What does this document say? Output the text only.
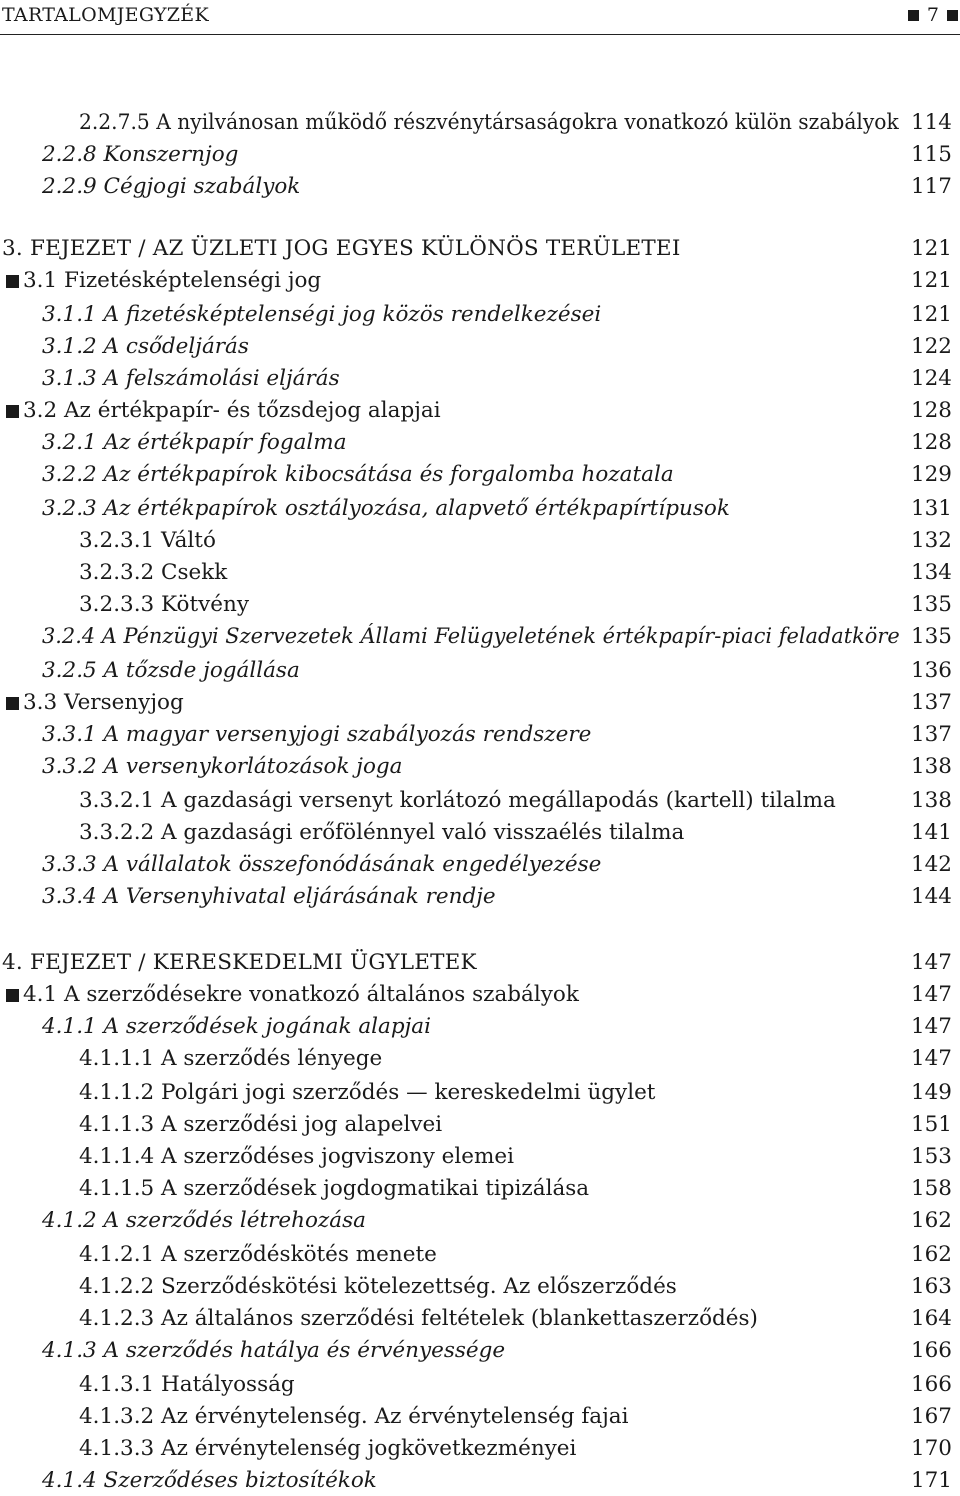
TARTALOMJEGYZÉK	7
2.2.7.5 A nyilvánosan működő részvénytársaságokra vonatkozó külön szabályok 114
2.2.8 Konszernjog	115
2.2.9 Cégjogi szabályok	117
3. FEJEZET / AZ ÜZLETI JOG EGYES KÜLÖNÖS TERÜLETEI	121
3.1 Fizetésképtelenségi jog	121
3.1.1 A fizetésképtelenségi jog közös rendelkezései	121
3.1.2 A csődeljárás	122
3.1.3 A felszámolási eljárás	124
3.2 Az értékpapír- és tőzsdejog alapjai	128
3.2.1 Az értékpapír fogalma	128
3.2.2 Az értékpapírok kibocsátása és forgalomba hozatala	129
3.2.3 Az értékpapírok osztályozása, alapvető értékpapírtípusok	131
3.2.3.1 Váltó	132
3.2.3.2 Csekk	134
3.2.3.3 Kötvény	135
3.2.4 A Pénzügyi Szervezetek Állami Felügyeletének értékpapír-piaci feladatköre 135
3.2.5 A tőzsde jogállása	136
3.3 Versenyjog	137
3.3.1 A magyar versenyjogi szabályozás rendszere	137
3.3.2 A versenykorlátozások joga	138
3.3.2.1 A gazdasági versenyt korlátozó megállapodás (kartell) tilalma	138
3.3.2.2 A gazdasági erőfölénnyel való visszaélés tilalma	141
3.3.3 A vállalatok összefonódásának engedélyezése	142
3.3.4 A Versenyhivatal eljárásának rendje	144
4. FEJEZET / KERESKEDELMI ÜGYLETEK	147
4.1 A szerződésekre vonatkozó általános szabályok	147
4.1.1 A szerződések jogának alapjai	147
4.1.1.1 A szerződés lényege	147
4.1.1.2 Polgári jogi szerződés — kereskedelmi ügylet	149
4.1.1.3 A szerződési jog alapelvei	151
4.1.1.4 A szerződéses jogviszony elemei	153
4.1.1.5 A szerződések jogdogmatikai tipizálása	158
4.1.2 A szerződés létrehozása	162
4.1.2.1 A szerződéskötés menete	162
4.1.2.2 Szerződéskötési kötelezettség. Az előszerződés	163
4.1.2.3 Az általános szerződési feltételek (blankettaszerződés)	164
4.1.3 A szerződés hatálya és érvényessége	166
4.1.3.1 Hatályosság	166
4.1.3.2 Az érvénytelenség. Az érvénytelenség fajai	167
4.1.3.3 Az érvénytelenség jogkövetkezményei	170
4.1.4 Szerződéses biztosítékok	171
